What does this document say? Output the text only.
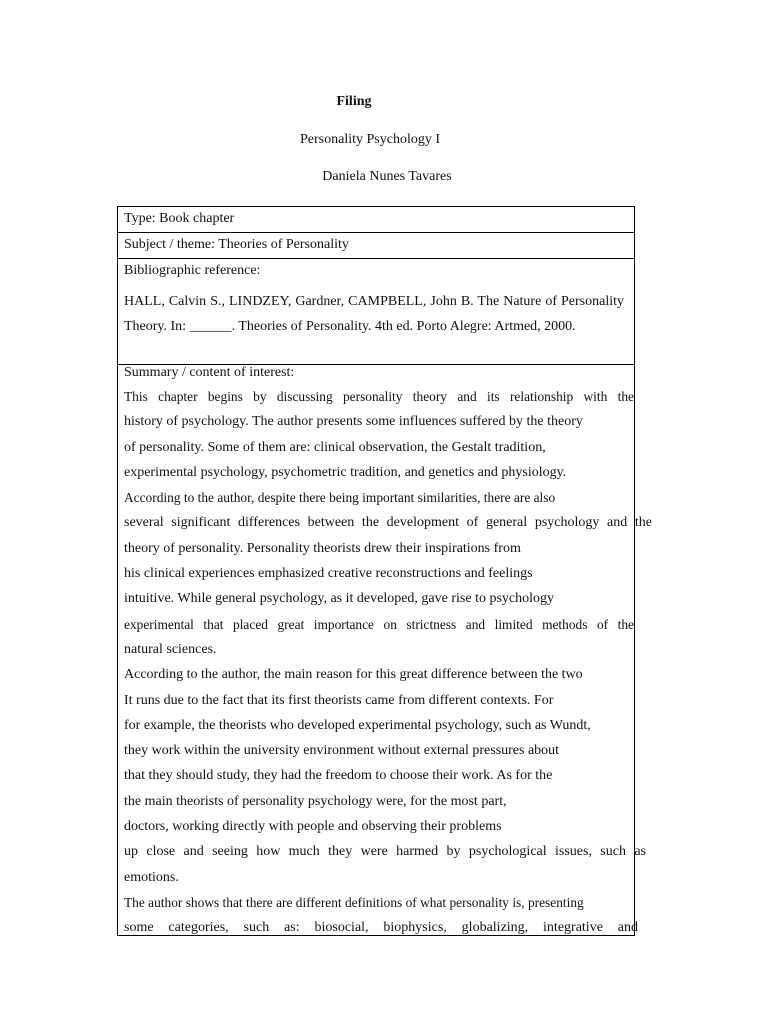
Filing
Personality Psychology I
Daniela Nunes Tavares
Type: Book chapter
Subject / theme: Theories of Personality
Bibliographic reference:
HALL, Calvin S., LINDZEY, Gardner, CAMPBELL, John B. The Nature of Personality Theory. In: ______. Theories of Personality. 4th ed. Porto Alegre: Artmed, 2000.
Summary / content of interest:
This chapter begins by discussing personality theory and its relationship with the
history of psychology. The author presents some influences suffered by the theory
of personality. Some of them are: clinical observation, the Gestalt tradition,
experimental psychology, psychometric tradition, and genetics and physiology.
According to the author, despite there being important similarities, there are also
several significant differences between the development of general psychology and the
theory of personality. Personality theorists drew their inspirations from
his clinical experiences emphasized creative reconstructions and feelings
intuitive. While general psychology, as it developed, gave rise to psychology
experimental that placed great importance on strictness and limited methods of the
natural sciences.
According to the author, the main reason for this great difference between the two
It runs due to the fact that its first theorists came from different contexts. For
for example, the theorists who developed experimental psychology, such as Wundt,
they work within the university environment without external pressures about
that they should study, they had the freedom to choose their work. As for the
the main theorists of personality psychology were, for the most part,
doctors, working directly with people and observing their problems
up close and seeing how much they were harmed by psychological issues, such as
emotions.
The author shows that there are different definitions of what personality is, presenting
some categories, such as: biosocial, biophysics, globalizing, integrative and
